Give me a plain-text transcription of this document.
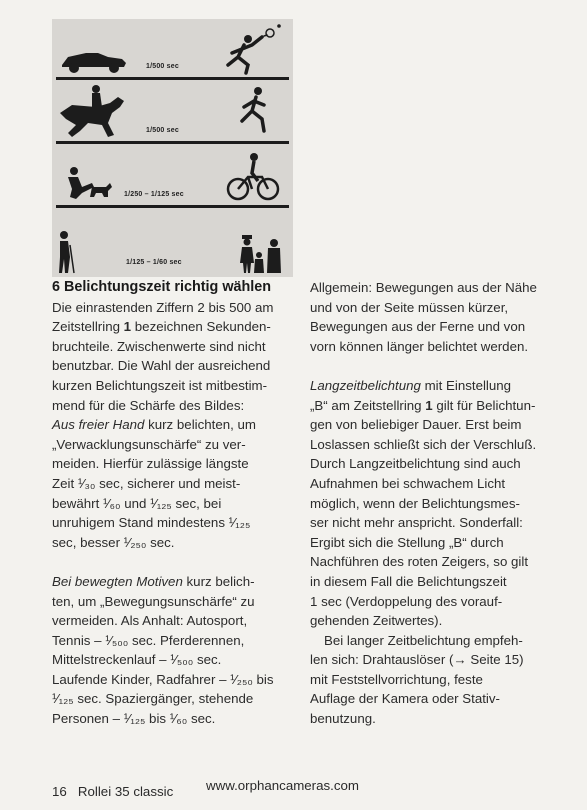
1/500 sec
1/500 sec
1/250 – 1/125 sec
1/125 – 1/60 sec

6 Belichtungszeit richtig wählen

Die einrastenden Ziffern 2 bis 500 am
Zeitstellring 1 bezeichnen Sekunden-
bruchteile. Zwischenwerte sind nicht
benutzbar. Die Wahl der ausreichend
kurzen Belichtungszeit ist mitbestim-
mend für die Schärfe des Bildes:
Aus freier Hand kurz belichten, um
„Verwacklungsunschärfe“ zu ver-
meiden. Hierfür zulässige längste
Zeit ¹⁄₃₀ sec, sicherer und meist-
bewährt ¹⁄₆₀ und ¹⁄₁₂₅ sec, bei
unruhigem Stand mindestens ¹⁄₁₂₅
sec, besser ¹⁄₂₅₀ sec.

Bei bewegten Motiven kurz belich-
ten, um „Bewegungsunschärfe“ zu
vermeiden. Als Anhalt: Autosport,
Tennis – ¹⁄₅₀₀ sec. Pferderennen,
Mittelstreckenlauf – ¹⁄₅₀₀ sec.
Laufende Kinder, Radfahrer – ¹⁄₂₅₀ bis
¹⁄₁₂₅ sec. Spaziergänger, stehende
Personen – ¹⁄₁₂₅ bis ¹⁄₆₀ sec.

Allgemein: Bewegungen aus der Nähe
und von der Seite müssen kürzer,
Bewegungen aus der Ferne und von
vorn können länger belichtet werden.

Langzeitbelichtung mit Einstellung
„B“ am Zeitstellring 1 gilt für Belichtun-
gen von beliebiger Dauer. Erst beim
Loslassen schließt sich der Verschluß.
Durch Langzeitbelichtung sind auch
Aufnahmen bei schwachem Licht
möglich, wenn der Belichtungsmes-
ser nicht mehr anspricht. Sonderfall:
Ergibt sich die Stellung „B“ durch
Nachführen des roten Zeigers, so gilt
in diesem Fall die Belichtungszeit
1 sec (Verdoppelung des vorauf-
gehenden Zeitwertes).

Bei langer Zeitbelichtung empfeh-

len sich: Drahtauslöser (→ Seite 15)
mit Feststellvorrichtung, feste
Auflage der Kamera oder Stativ-
benutzung.

16 Rollei 35 classic www.orphancameras.com
